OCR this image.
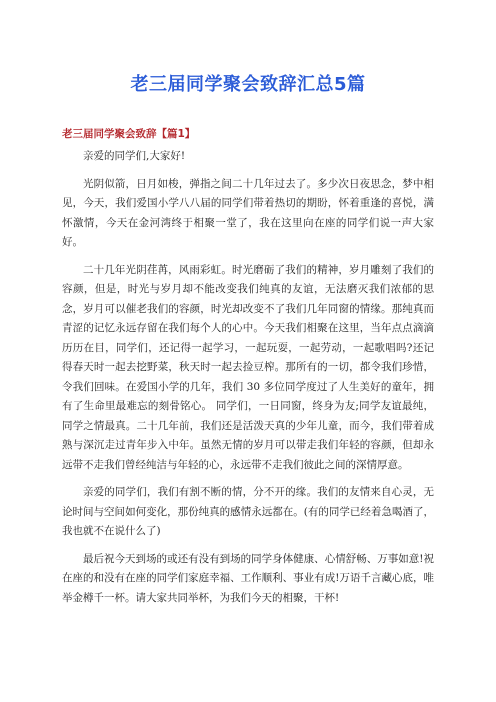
老三届同学聚会致辞汇总5篇
老三届同学聚会致辞【篇1】

亲爱的同学们,大家好!

光阴似箭，日月如梭，弹指之间二十几年过去了。多少次日夜思念，梦中相见，今天，我们爱国小学八八届的同学们带着热切的期盼，怀着重逢的喜悦，满怀激情，今天在金河湾终于相聚一堂了，我在这里向在座的同学们说一声大家好。

二十几年光阴荏苒，风雨彩虹。时光磨砺了我们的精神，岁月雕刻了我们的容颜，但是，时光与岁月却不能改变我们纯真的友谊，无法磨灭我们浓郁的思念，岁月可以催老我们的容颜，时光却改变不了我们几年同窗的情缘。那纯真而青涩的记忆永远存留在我们每个人的心中。今天我们相聚在这里，当年点点滴滴历历在目，同学们，还记得一起学习，一起玩耍，一起劳动，一起歌唱吗?还记得春天时一起去挖野菜，秋天时一起去捡豆榨。那所有的一切，都令我们珍惜，令我们回味。在爱国小学的几年，我们 30 多位同学度过了人生美好的童年，拥有了生命里最难忘的刻骨铭心。 同学们，一日同窗，终身为友;同学友谊最纯，同学之情最真。二十几年前，我们还是活泼天真的少年儿童，而今，我们带着成熟与深沉走过青年步入中年。虽然无情的岁月可以带走我们年轻的容颜，但却永远带不走我们曾经纯洁与年轻的心，永远带不走我们彼此之间的深情厚意。

亲爱的同学们，我们有割不断的情，分不开的缘。我们的友情来自心灵，无论时间与空间如何变化，那份纯真的感情永远都在。(有的同学已经着急喝酒了，我也就不在说什么了)

最后祝今天到场的或还有没有到场的同学身体健康、心情舒畅、万事如意!祝在座的和没有在座的同学们家庭幸福、工作顺利、事业有成!万语千言藏心底，唯举金樽千一杯。请大家共同举杯，为我们今天的相聚，干杯!
